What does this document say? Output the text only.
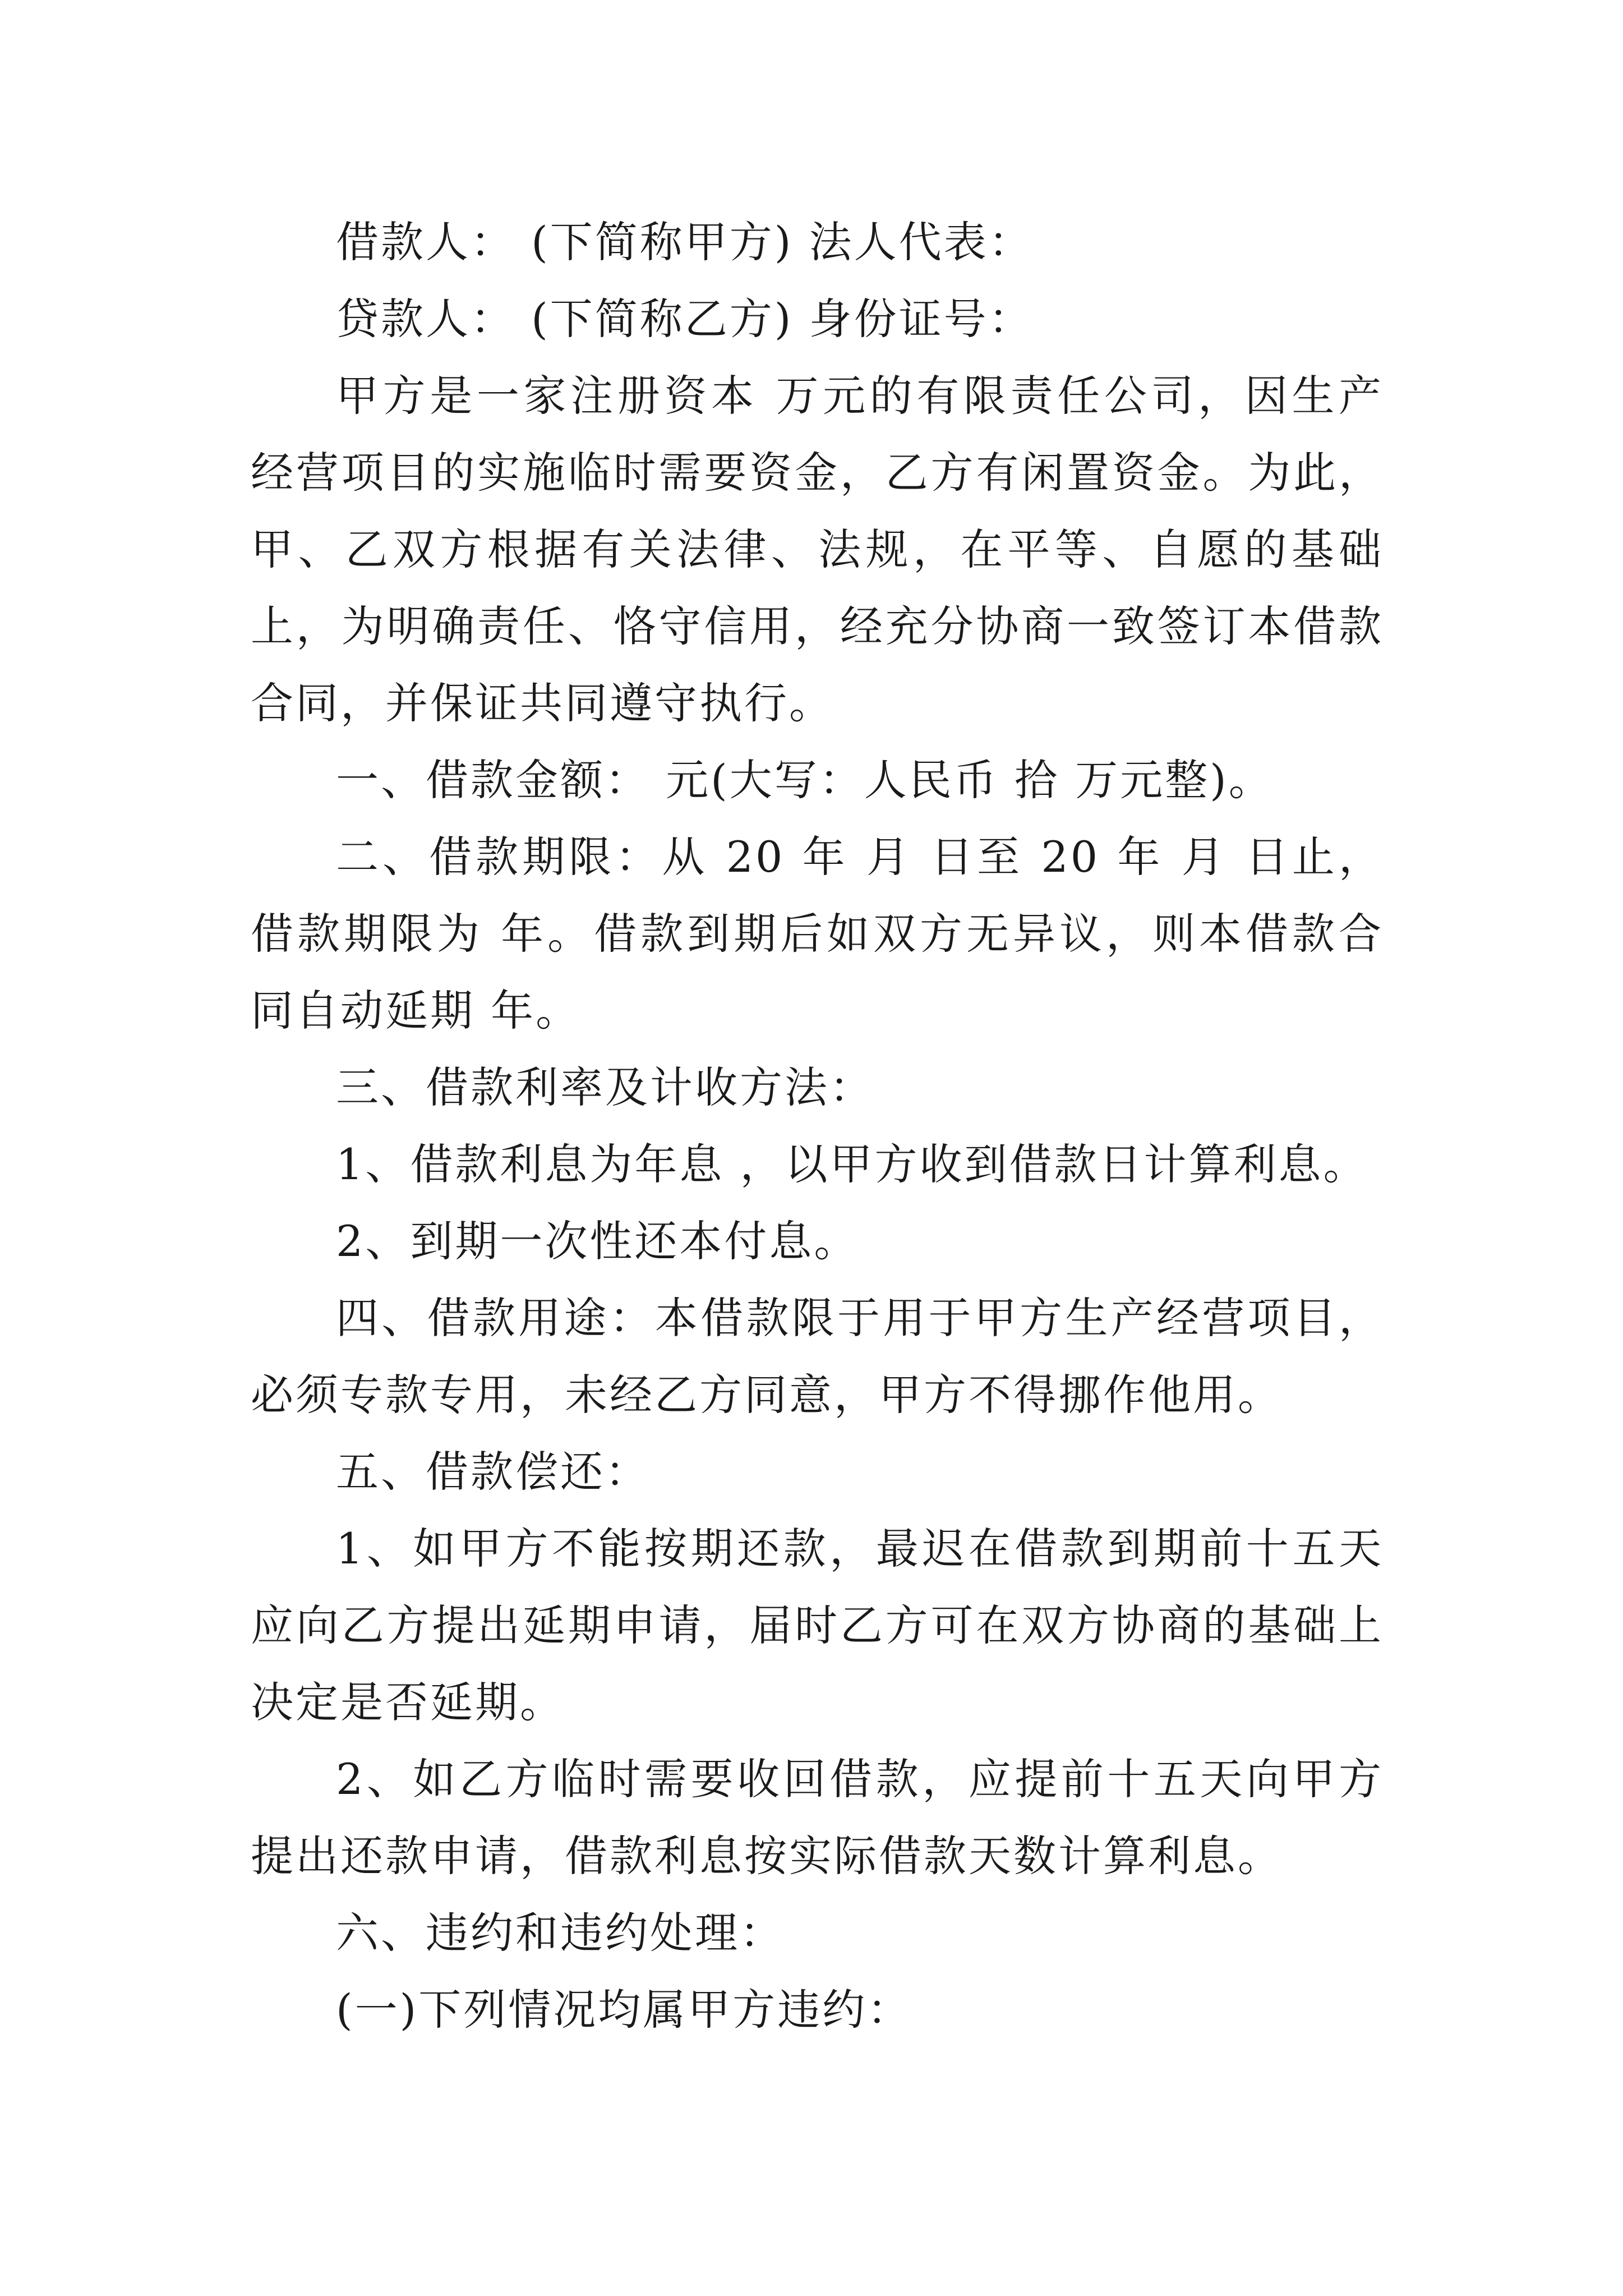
借款人： (下简称甲方) 法人代表：

贷款人： (下简称乙方) 身份证号：

甲方是一家注册资本 万元的有限责任公司，因生产经营项目的实施临时需要资金，乙方有闲置资金。为此，甲、乙双方根据有关法律、法规，在平等、自愿的基础上，为明确责任、恪守信用，经充分协商一致签订本借款合同，并保证共同遵守执行。

一、借款金额： 元(大写：人民币 拾 万元整)。

二、借款期限：从 20 年 月 日至 20 年 月 日止，借款期限为 年。借款到期后如双方无异议，则本借款合同自动延期 年。

三、借款利率及计收方法：

1、借款利息为年息 ，以甲方收到借款日计算利息。

2、到期一次性还本付息。

四、借款用途：本借款限于用于甲方生产经营项目，必须专款专用，未经乙方同意，甲方不得挪作他用。

五、借款偿还：

1、如甲方不能按期还款，最迟在借款到期前十五天应向乙方提出延期申请，届时乙方可在双方协商的基础上决定是否延期。

2、如乙方临时需要收回借款，应提前十五天向甲方提出还款申请，借款利息按实际借款天数计算利息。

六、违约和违约处理：

(一)下列情况均属甲方违约：
